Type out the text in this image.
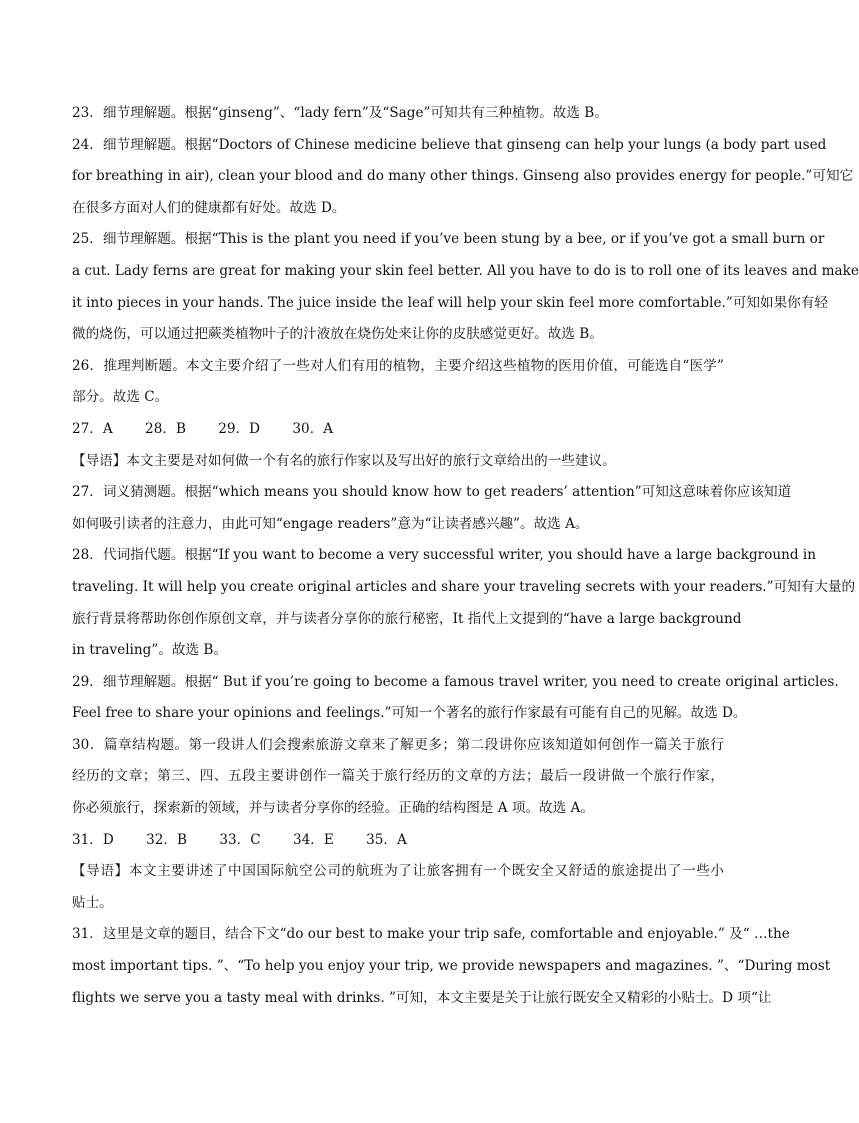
23．细节理解题。根据“ginseng”、“lady fern”及“Sage”可知共有三种植物。故选 B。

24．细节理解题。根据“Doctors of Chinese medicine believe that ginseng can help your lungs (a body part used

for breathing in air), clean your blood and do many other things. Ginseng also provides energy for people.”可知它

在很多方面对人们的健康都有好处。故选 D。

25．细节理解题。根据“This is the plant you need if you’ve been stung by a bee, or if you’ve got a small burn or

a cut. Lady ferns are great for making your skin feel better. All you have to do is to roll one of its leaves and make

it into pieces in your hands. The juice inside the leaf will help your skin feel more comfortable.”可知如果你有轻

微的烧伤，可以通过把蕨类植物叶子的汁液放在烧伤处来让你的皮肤感觉更好。故选 B。

26．推理判断题。本文主要介绍了一些对人们有用的植物，主要介绍这些植物的医用价值，可能选自“医学”

部分。故选 C。

27．A 28．B 29．D 30．A

【导语】本文主要是对如何做一个有名的旅行作家以及写出好的旅行文章给出的一些建议。

27．词义猜测题。根据“which means you should know how to get readers’ attention”可知这意味着你应该知道

如何吸引读者的注意力，由此可知“engage readers”意为“让读者感兴趣”。故选 A。

28．代词指代题。根据“If you want to become a very successful writer, you should have a large background in

traveling. It will help you create original articles and share your traveling secrets with your readers.”可知有大量的

旅行背景将帮助你创作原创文章，并与读者分享你的旅行秘密，It 指代上文提到的“have a large background

in traveling”。故选 B。

29．细节理解题。根据“ But if you’re going to become a famous travel writer, you need to create original articles.

Feel free to share your opinions and feelings.”可知一个著名的旅行作家最有可能有自己的见解。故选 D。

30．篇章结构题。第一段讲人们会搜索旅游文章来了解更多；第二段讲你应该知道如何创作一篇关于旅行

经历的文章；第三、四、五段主要讲创作一篇关于旅行经历的文章的方法；最后一段讲做一个旅行作家，

你必须旅行，探索新的领域，并与读者分享你的经验。正确的结构图是 A 项。故选 A。

31．D 32．B 33．C 34．E 35．A

【导语】本文主要讲述了中国国际航空公司的航班为了让旅客拥有一个既安全又舒适的旅途提出了一些小

贴士。

31．这里是文章的题目，结合下文“do our best to make your trip safe, comfortable and enjoyable.” 及“ …the

most important tips. ”、“To help you enjoy your trip, we provide newspapers and magazines. ”、“During most

flights we serve you a tasty meal with drinks. ”可知，本文主要是关于让旅行既安全又精彩的小贴士。D 项“让
